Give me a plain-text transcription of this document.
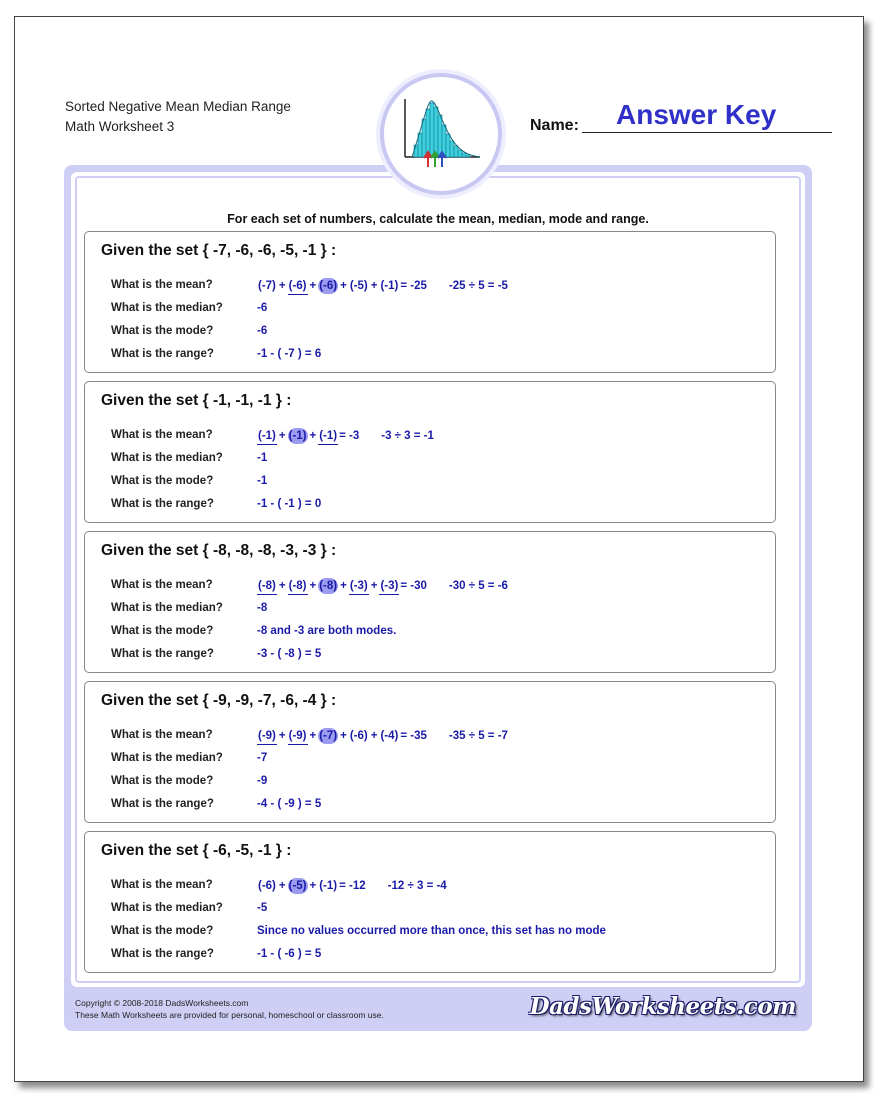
Sorted Negative Mean Median Range
Math Worksheet 3	Name: Answer Key
For each set of numbers, calculate the mean, median, mode and range.
Given the set { -7, -6, -6, -5, -1 } :
What is the mean?	(-7) + (-6) + (-6) + (-5) + (-1) = -25 -25 ÷ 5 = -5
What is the median?	-6
What is the mode?	-6
What is the range?	-1 - ( -7 ) = 6
Given the set { -1, -1, -1 } :
What is the mean?	(-1) + (-1) + (-1) = -3 -3 ÷ 3 = -1
What is the median?	-1
What is the mode?	-1
What is the range?	-1 - ( -1 ) = 0
Given the set { -8, -8, -8, -3, -3 } :
What is the mean?	(-8) + (-8) + (-8) + (-3) + (-3) = -30 -30 ÷ 5 = -6
What is the median?	-8
What is the mode?	-8 and -3 are both modes.
What is the range?	-3 - ( -8 ) = 5
Given the set { -9, -9, -7, -6, -4 } :
What is the mean?	(-9) + (-9) + (-7) + (-6) + (-4) = -35 -35 ÷ 5 = -7
What is the median?	-7
What is the mode?	-9
What is the range?	-4 - ( -9 ) = 5
Given the set { -6, -5, -1 } :
What is the mean?	(-6) + (-5) + (-1) = -12 -12 ÷ 3 = -4
What is the median?	-5
What is the mode?	Since no values occurred more than once, this set has no mode
What is the range?	-1 - ( -6 ) = 5
Copyright © 2008-2018 DadsWorksheets.com
These Math Worksheets are provided for personal, homeschool or classroom use.	DadsWorksheets.com
